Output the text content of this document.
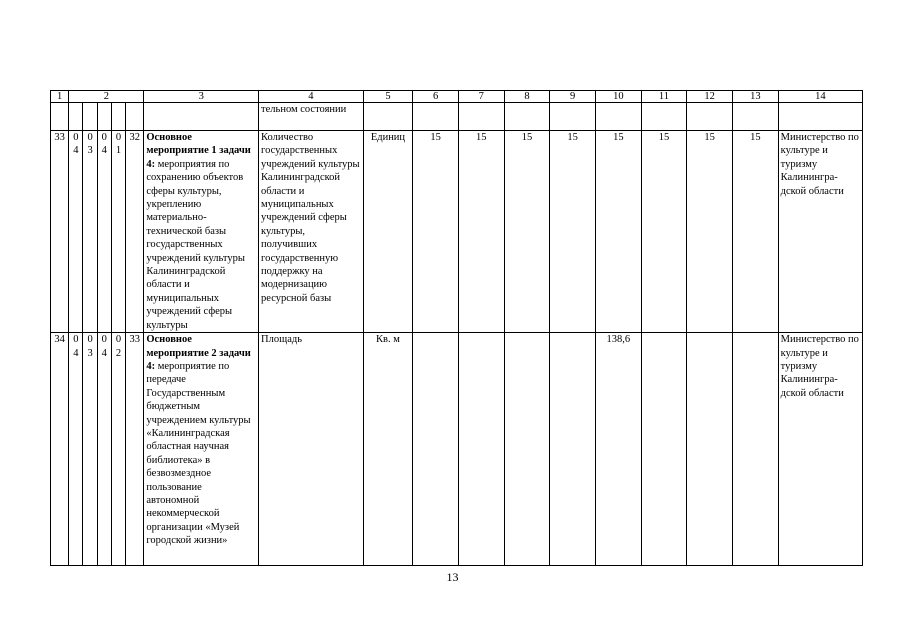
1	2					3	4	5	6	7	8	9	10	11	12	13	14
							тельном состоянии										
33	04	03	04	01	32	Основное мероприятие 1 задачи 4: мероприятия по сохранению объектов сферы культуры, укреплению материально-технической базы государственных учреждений культуры Калининградской области и муниципальных учреждений сферы культуры	Количество государственных учреждений культуры Калининградской области и муниципальных учреждений сферы культуры, получивших государственную поддержку на модернизацию ресурсной базы	Единиц	15	15	15	15	15	15	15	15	Министерство по культуре и туризму Калинингра-дской области
34	04	03	04	02	33	Основное мероприятие 2 задачи 4: мероприятие по передаче Государственным бюджетным учреждением культуры «Калининградская областная научная библиотека» в безвозмездное пользование автономной некоммерческой организации «Музей городской жизни»	Площадь	Кв. м					138,6				Министерство по культуре и туризму Калинингра-дской области
13
